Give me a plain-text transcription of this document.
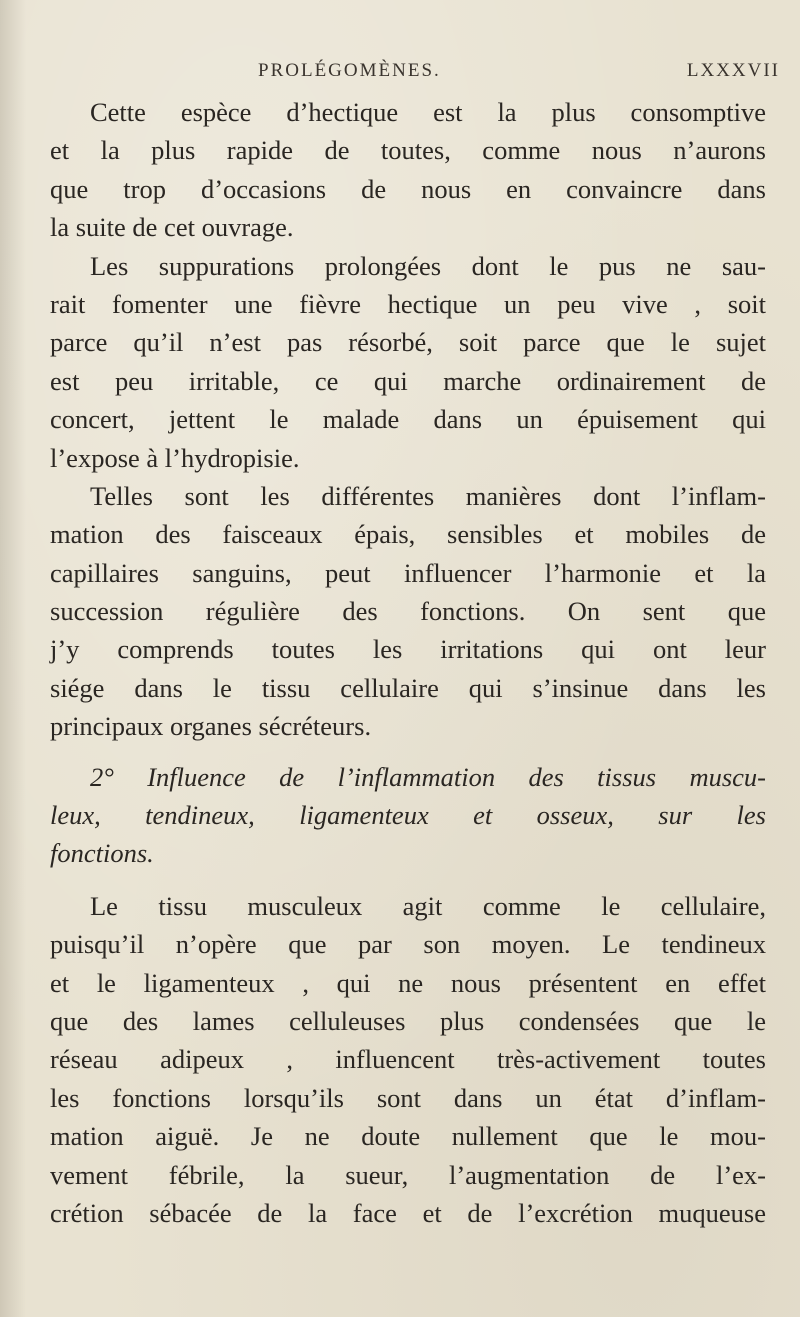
PROLÉGOMÈNES.	LXXXVII
Cette espèce d’hectique est la plus consomptive
et la plus rapide de toutes, comme nous n’aurons
que trop d’occasions de nous en convaincre dans
la suite de cet ouvrage.
Les suppurations prolongées dont le pus ne sau-
rait fomenter une fièvre hectique un peu vive , soit
parce qu’il n’est pas résorbé, soit parce que le sujet
est peu irritable, ce qui marche ordinairement de
concert, jettent le malade dans un épuisement qui
l’expose à l’hydropisie.
Telles sont les différentes manières dont l’inflam-
mation des faisceaux épais, sensibles et mobiles de
capillaires sanguins, peut influencer l’harmonie et la
succession régulière des fonctions. On sent que
j’y comprends toutes les irritations qui ont leur
siége dans le tissu cellulaire qui s’insinue dans les
principaux organes sécréteurs.
2° Influence de l’inflammation des tissus muscu-
leux, tendineux, ligamenteux et osseux, sur les
fonctions.
Le tissu musculeux agit comme le cellulaire,
puisqu’il n’opère que par son moyen. Le tendineux
et le ligamenteux , qui ne nous présentent en effet
que des lames celluleuses plus condensées que le
réseau adipeux , influencent très-activement toutes
les fonctions lorsqu’ils sont dans un état d’inflam-
mation aiguë. Je ne doute nullement que le mou-
vement fébrile, la sueur, l’augmentation de l’ex-
crétion sébacée de la face et de l’excrétion muqueuse
